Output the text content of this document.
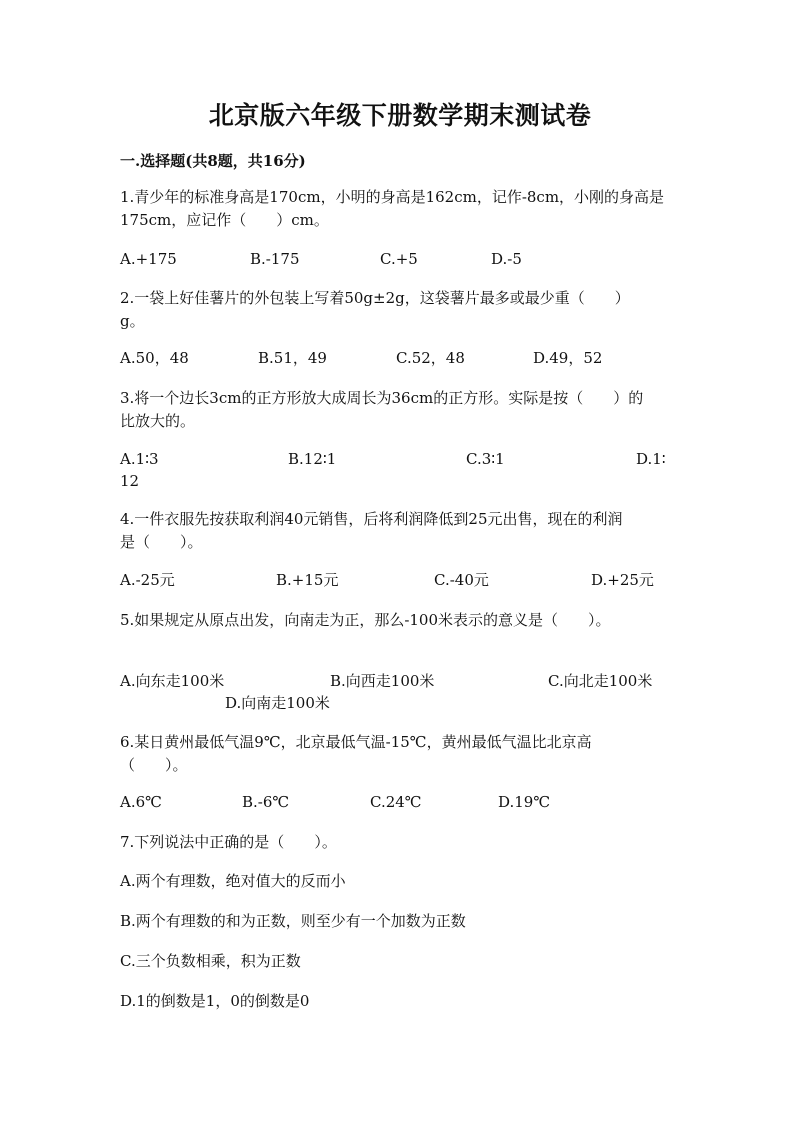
北京版六年级下册数学期末测试卷
一.选择题(共8题，共16分)
1.青少年的标准身高是170cm，小明的身高是162cm，记作-8cm，小刚的身高是
175cm，应记作（　　）cm。
A.+175	B.-175	C.+5	D.-5
2.一袋上好佳薯片的外包装上写着50g±2g，这袋薯片最多或最少重（　　）
g。
A.50，48	B.51，49	C.52，48	D.49，52
3.将一个边长3cm的正方形放大成周长为36cm的正方形。实际是按（　　）的
比放大的。
A.1∶3	B.12∶1	C.3∶1	D.1∶
12
4.一件衣服先按获取利润40元销售，后将利润降低到25元出售，现在的利润
是（　　）。
A.-25元	B.+15元	C.-40元	D.+25元
5.如果规定从原点出发，向南走为正，那么-100米表示的意义是（　　）。
A.向东走100米	B.向西走100米	C.向北走100米
D.向南走100米
6.某日黄州最低气温9℃，北京最低气温-15℃，黄州最低气温比北京高
（　　）。
A.6℃	B.-6℃	C.24℃	D.19℃
7.下列说法中正确的是（　　）。
A.两个有理数，绝对值大的反而小
B.两个有理数的和为正数，则至少有一个加数为正数
C.三个负数相乘，积为正数
D.1的倒数是1，0的倒数是0
